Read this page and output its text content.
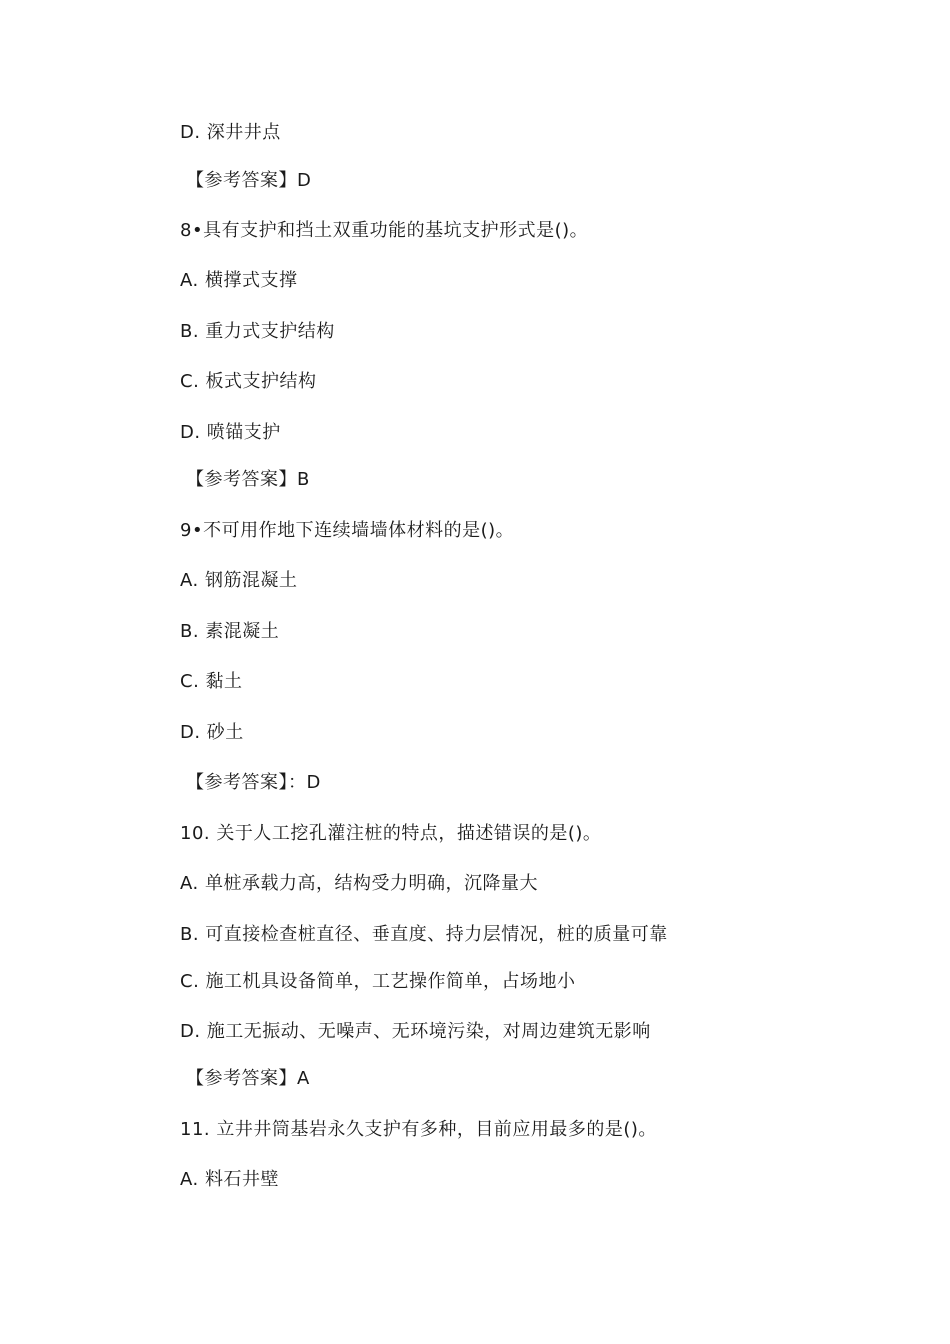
D. 深井井点
【参考答案】D
8•具有支护和挡土双重功能的基坑支护形式是()。
A. 横撑式支撑
B. 重力式支护结构
C. 板式支护结构
D. 喷锚支护
【参考答案】B
9•不可用作地下连续墙墙体材料的是()。
A. 钢筋混凝土
B. 素混凝土
C. 黏土
D. 砂土
【参考答案】：D
10. 关于人工挖孔灌注桩的特点，描述错误的是()。
A. 单桩承载力高，结构受力明确，沉降量大
B. 可直接检查桩直径、垂直度、持力层情况，桩的质量可靠
C. 施工机具设备简单，工艺操作简单，占场地小
D. 施工无振动、无噪声、无环境污染，对周边建筑无影响
【参考答案】A
11. 立井井筒基岩永久支护有多种，目前应用最多的是()。
A. 料石井壁
